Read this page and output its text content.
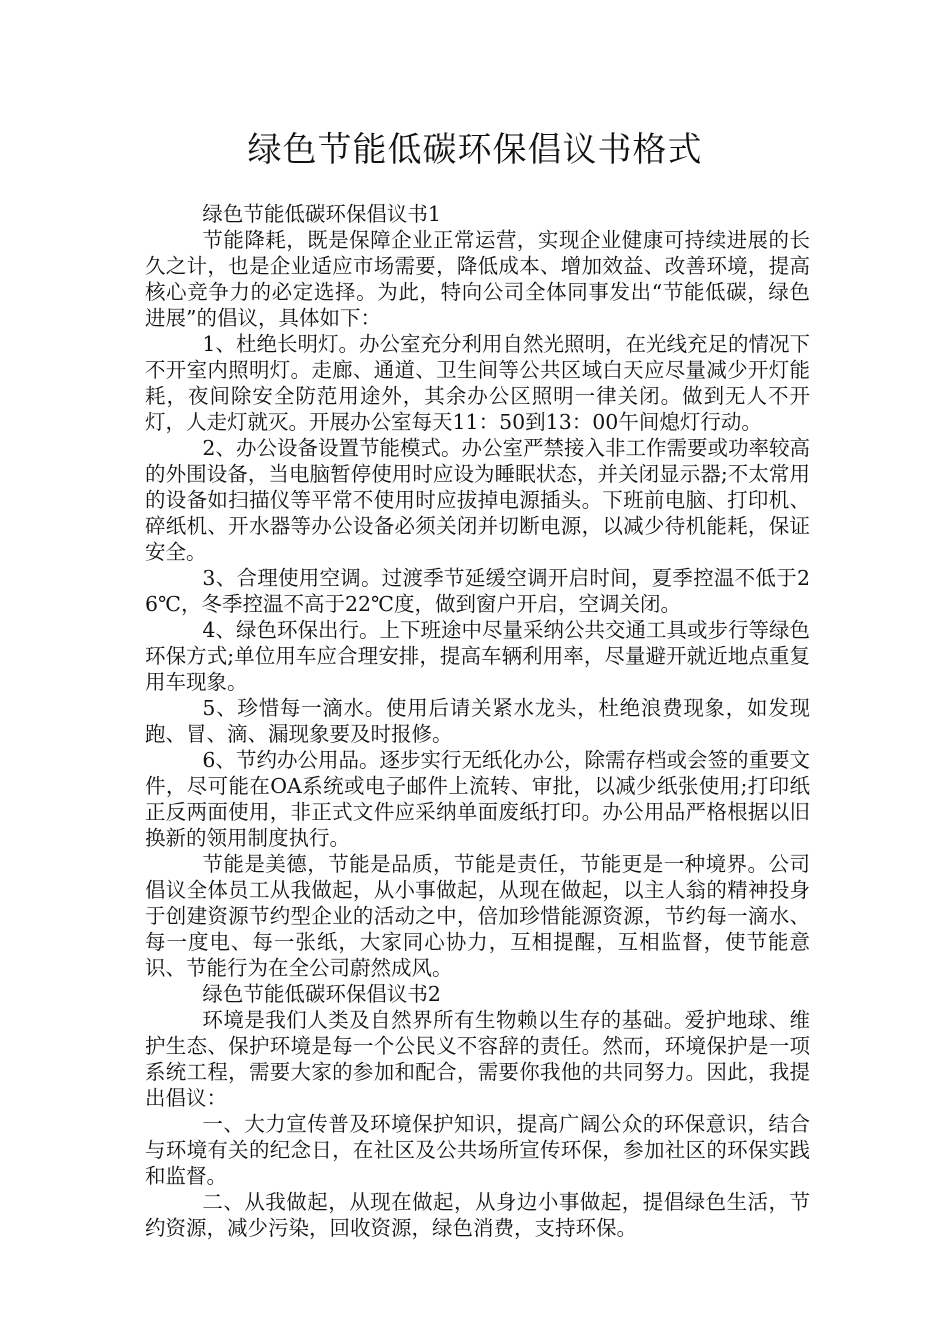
绿色节能低碳环保倡议书格式

绿色节能低碳环保倡议书1

节能降耗，既是保障企业正常运营，实现企业健康可持续进展的长久之计，也是企业适应市场需要，降低成本、增加效益、改善环境，提高核心竞争力的必定选择。为此，特向公司全体同事发出“节能低碳，绿色进展”的倡议，具体如下：

1、杜绝长明灯。办公室充分利用自然光照明，在光线充足的情况下不开室内照明灯。走廊、通道、卫生间等公共区域白天应尽量减少开灯能耗，夜间除安全防范用途外，其余办公区照明一律关闭。做到无人不开灯，人走灯就灭。开展办公室每天11：50到13：00午间熄灯行动。

2、办公设备设置节能模式。办公室严禁接入非工作需要或功率较高的外围设备，当电脑暂停使用时应设为睡眠状态，并关闭显示器;不太常用的设备如扫描仪等平常不使用时应拔掉电源插头。下班前电脑、打印机、碎纸机、开水器等办公设备必须关闭并切断电源，以减少待机能耗，保证安全。

3、合理使用空调。过渡季节延缓空调开启时间，夏季控温不低于26℃，冬季控温不高于22℃度，做到窗户开启，空调关闭。

4、绿色环保出行。上下班途中尽量采纳公共交通工具或步行等绿色环保方式;单位用车应合理安排，提高车辆利用率，尽量避开就近地点重复用车现象。

5、珍惜每一滴水。使用后请关紧水龙头，杜绝浪费现象，如发现跑、冒、滴、漏现象要及时报修。

6、节约办公用品。逐步实行无纸化办公，除需存档或会签的重要文件，尽可能在OA系统或电子邮件上流转、审批，以减少纸张使用;打印纸正反两面使用，非正式文件应采纳单面废纸打印。办公用品严格根据以旧换新的领用制度执行。

节能是美德，节能是品质，节能是责任，节能更是一种境界。公司倡议全体员工从我做起，从小事做起，从现在做起，以主人翁的精神投身于创建资源节约型企业的活动之中，倍加珍惜能源资源，节约每一滴水、每一度电、每一张纸，大家同心协力，互相提醒，互相监督，使节能意识、节能行为在全公司蔚然成风。

绿色节能低碳环保倡议书2

环境是我们人类及自然界所有生物赖以生存的基础。爱护地球、维护生态、保护环境是每一个公民义不容辞的责任。然而，环境保护是一项系统工程，需要大家的参加和配合，需要你我他的共同努力。因此，我提出倡议：

一、大力宣传普及环境保护知识，提高广阔公众的环保意识，结合与环境有关的纪念日，在社区及公共场所宣传环保，参加社区的环保实践和监督。

二、从我做起，从现在做起，从身边小事做起，提倡绿色生活，节约资源，减少污染，回收资源，绿色消费，支持环保。
